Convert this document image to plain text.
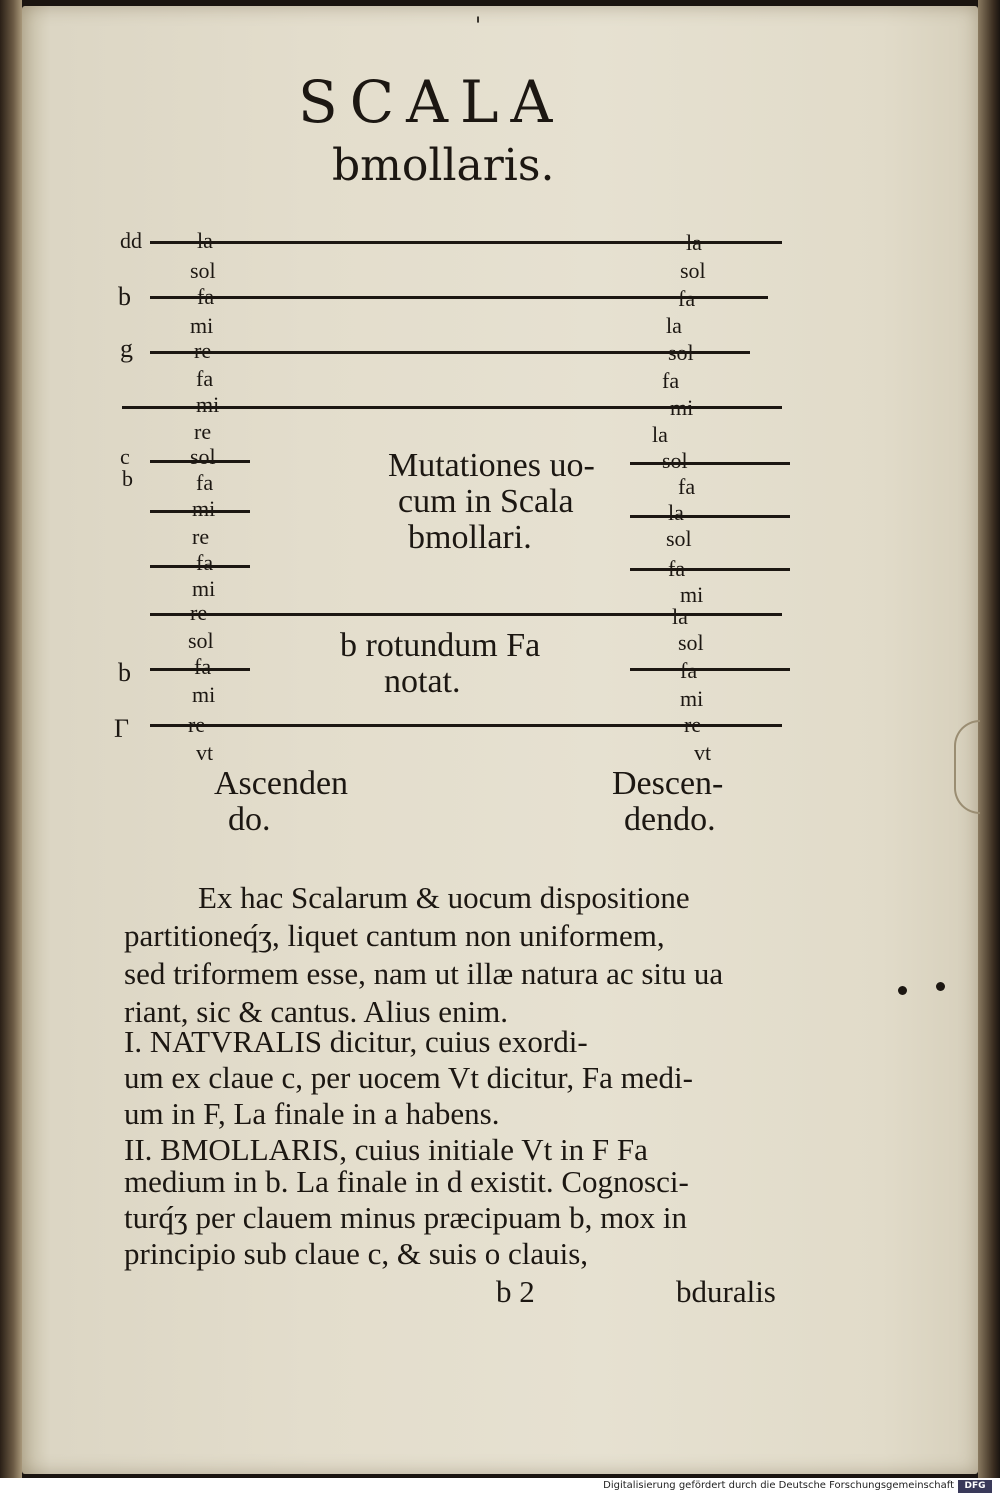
'
SCALA
bmollaris.
dd
b
g
c
b
b
Γ
la
sol
fa
mi
re
fa
mi
re
sol
fa
mi
re
fa
mi
re
sol
fa
mi
re
vt
la
sol
fa
la
sol
fa
mi
la
sol
fa
la
sol
fa
mi
la
sol
fa
mi
re
vt
Mutationes uo-
cum in Scala
bmollari.
b rotundum Fa
notat.
Ascenden
do.
Descen-
dendo.
Ex hac Scalarum & uocum dispositione
partitioneq́ʒ, liquet cantum non uniformem,
sed triformem esse, nam ut illæ natura ac situ ua
riant, sic & cantus. Alius enim.
I. NATVRALIS dicitur, cuius exordi-
um ex claue c, per uocem Vt dicitur, Fa medi-
um in F, La finale in a habens.
II. BMOLLARIS, cuius initiale Vt in F Fa
medium in b. La finale in d existit. Cognosci-
turq́ʒ per clauem minus præcipuam b, mox in
principio sub claue c, & suis o clauis,
b 2	bduralis
Digitalisierung gefördert durch die Deutsche Forschungsgemeinschaft	DFG
